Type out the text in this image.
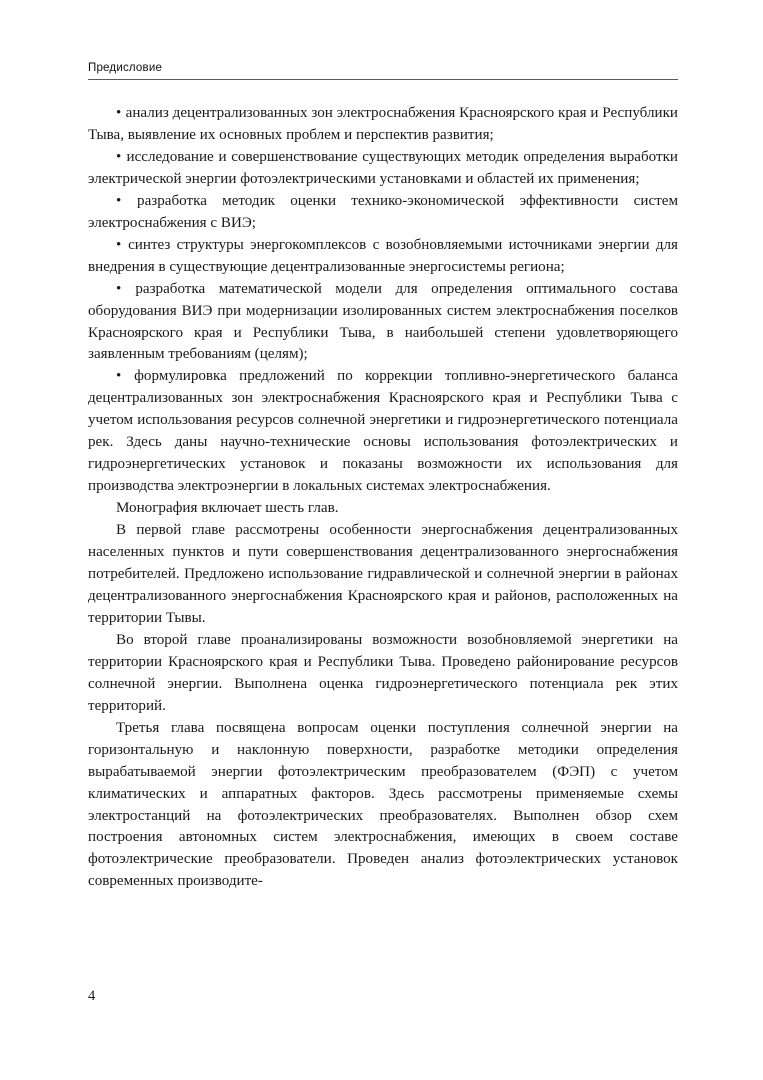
Предисловие

• анализ децентрализованных зон электроснабжения Красноярского края и Республики Тыва, выявление их основных проблем и перспектив развития;

• исследование и совершенствование существующих методик определения выработки электрической энергии фотоэлектрическими установками и областей их применения;

• разработка методик оценки технико-экономической эффективности систем электроснабжения с ВИЭ;

• синтез структуры энергокомплексов с возобновляемыми источниками энергии для внедрения в существующие децентрализованные энергосистемы региона;

• разработка математической модели для определения оптимального состава оборудования ВИЭ при модернизации изолированных систем электроснабжения поселков Красноярского края и Республики Тыва, в наибольшей степени удовлетворяющего заявленным требованиям (целям);

• формулировка предложений по коррекции топливно-энергетического баланса децентрализованных зон электроснабжения Красноярского края и Республики Тыва с учетом использования ресурсов солнечной энергетики и гидроэнергетического потенциала рек. Здесь даны научно-технические основы использования фотоэлектрических и гидроэнергетических установок и показаны возможности их использования для производства электроэнергии в локальных системах электроснабжения.

Монография включает шесть глав.

В первой главе рассмотрены особенности энергоснабжения децентрализованных населенных пунктов и пути совершенствования децентрализованного энергоснабжения потребителей. Предложено использование гидравлической и солнечной энергии в районах децентрализованного энергоснабжения Красноярского края и районов, расположенных на территории Тывы.

Во второй главе проанализированы возможности возобновляемой энергетики на территории Красноярского края и Республики Тыва. Проведено районирование ресурсов солнечной энергии. Выполнена оценка гидроэнергетического потенциала рек этих территорий.

Третья глава посвящена вопросам оценки поступления солнечной энергии на горизонтальную и наклонную поверхности, разработке методики определения вырабатываемой энергии фотоэлектрическим преобразователем (ФЭП) с учетом климатических и аппаратных факторов. Здесь рассмотрены применяемые схемы электростанций на фотоэлектрических преобразователях. Выполнен обзор схем построения автономных систем электроснабжения, имеющих в своем составе фотоэлектрические преобразователи. Проведен анализ фотоэлектрических установок современных производите-

4
